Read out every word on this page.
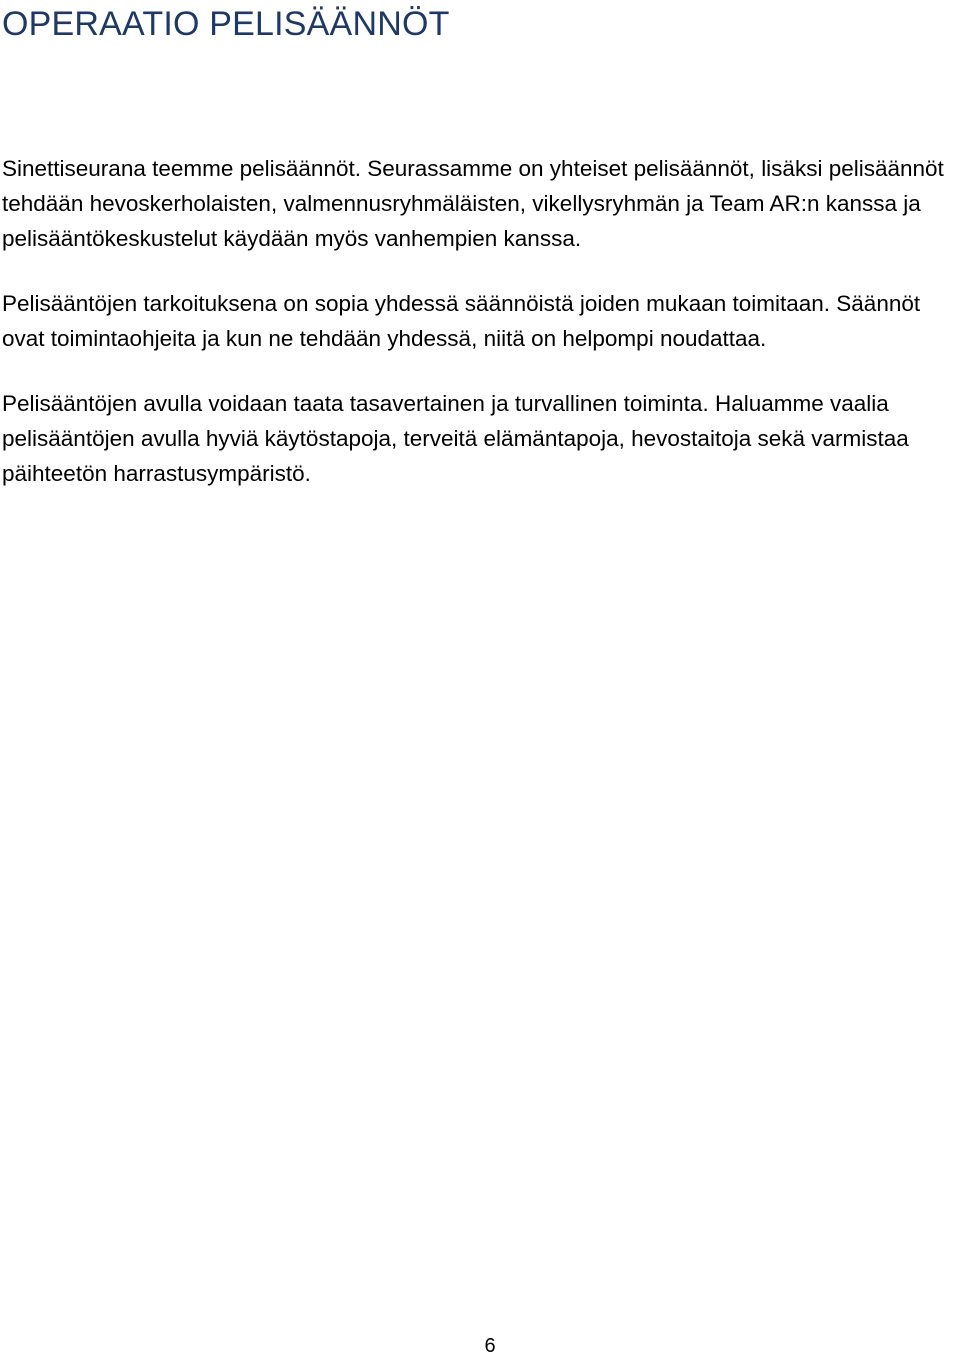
OPERAATIO PELISÄÄNNÖT

Sinettiseurana teemme pelisäännöt. Seurassamme on yhteiset pelisäännöt, lisäksi pelisäännöt tehdään hevoskerholaisten, valmennusryhmäläisten, vikellysryhmän ja Team AR:n kanssa ja pelisääntökeskustelut käydään myös vanhempien kanssa.

Pelisääntöjen tarkoituksena on sopia yhdessä säännöistä joiden mukaan toimitaan. Säännöt ovat toimintaohjeita ja kun ne tehdään yhdessä, niitä on helpompi noudattaa.

Pelisääntöjen avulla voidaan taata tasavertainen ja turvallinen toiminta. Haluamme vaalia pelisääntöjen avulla hyviä käytöstapoja, terveitä elämäntapoja, hevostaitoja sekä varmistaa päihteetön harrastusympäristö.

6
